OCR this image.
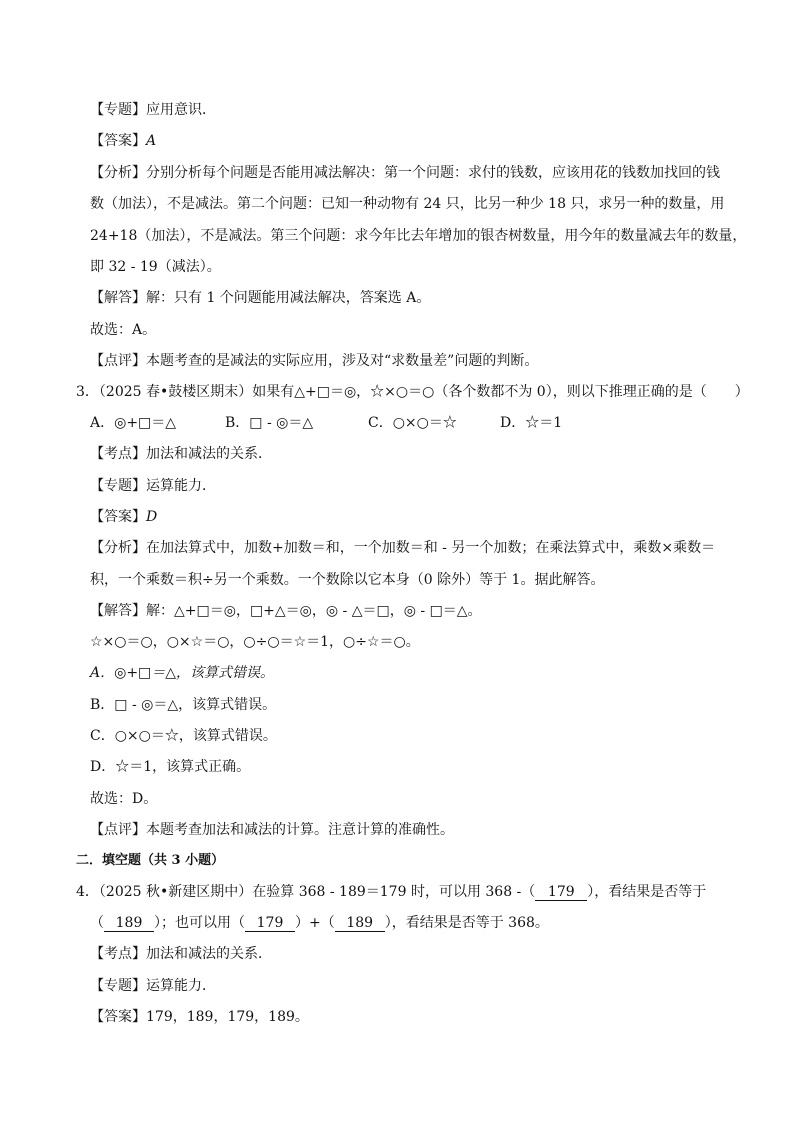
【专题】应用意识．
【答案】A
【分析】分别分析每个问题是否能用减法解决：第一个问题：求付的钱数，应该用花的钱数加找回的钱
数（加法），不是减法。第二个问题：已知一种动物有 24 只，比另一种少 18 只，求另一种的数量，用
24+18（加法），不是减法。第三个问题：求今年比去年增加的银杏树数量，用今年的数量减去年的数量，
即 32 - 19（减法）。
【解答】解：只有 1 个问题能用减法解决，答案选 A。
故选：A。
【点评】本题考查的是减法的实际应用，涉及对“求数量差”问题的判断。
3．（2025 春•鼓楼区期末）如果有△+□＝◎，☆×○＝○（各个数都不为 0），则以下推理正确的是（　　）
A．◎+□＝△	B．□ - ◎＝△	C．○×○＝☆	D．☆＝1
【考点】加法和减法的关系．
【专题】运算能力．
【答案】D
【分析】在加法算式中，加数+加数＝和，一个加数＝和 - 另一个加数；在乘法算式中，乘数×乘数＝
积，一个乘数＝积÷另一个乘数。一个数除以它本身（0 除外）等于 1。据此解答。
【解答】解：△+□＝◎，□+△＝◎，◎ - △＝□，◎ - □＝△。
☆×○＝○，○×☆＝○，○÷○＝☆＝1，○÷☆＝○。
A．◎+□＝△，该算式错误。
B．□ - ◎＝△，该算式错误。
C．○×○＝☆，该算式错误。
D．☆＝1，该算式正确。
故选：D。
【点评】本题考查加法和减法的计算。注意计算的准确性。
二．填空题（共 3 小题）
4．（2025 秋•新建区期中）在验算 368 - 189＝179 时，可以用 368 -（ 179 ），看结果是否等于
（ 189 ）；也可以用（ 179 ）+（ 189 ），看结果是否等于 368。
【考点】加法和减法的关系．
【专题】运算能力．
【答案】179，189，179，189。
